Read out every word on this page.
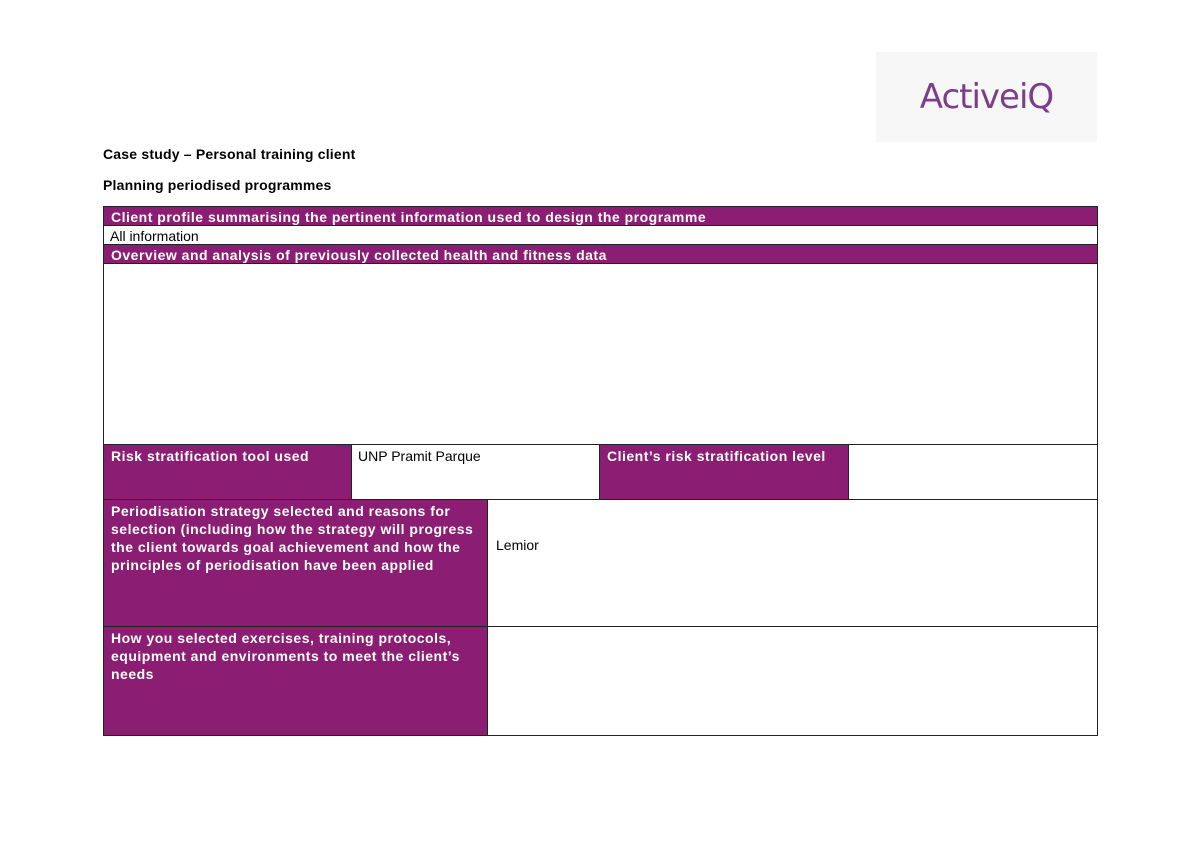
ActiveiQ
Case study – Personal training client
Planning periodised programmes
Client profile summarising the pertinent information used to design the programme
All information
Overview and analysis of previously collected health and fitness data
Risk stratification tool used	UNP Pramit Parque	Client’s risk stratification level
Periodisation strategy selected and reasons for selection (including how the strategy will progress the client towards goal achievement and how the principles of periodisation have been applied
Lemior
How you selected exercises, training protocols, equipment and environments to meet the client’s needs
